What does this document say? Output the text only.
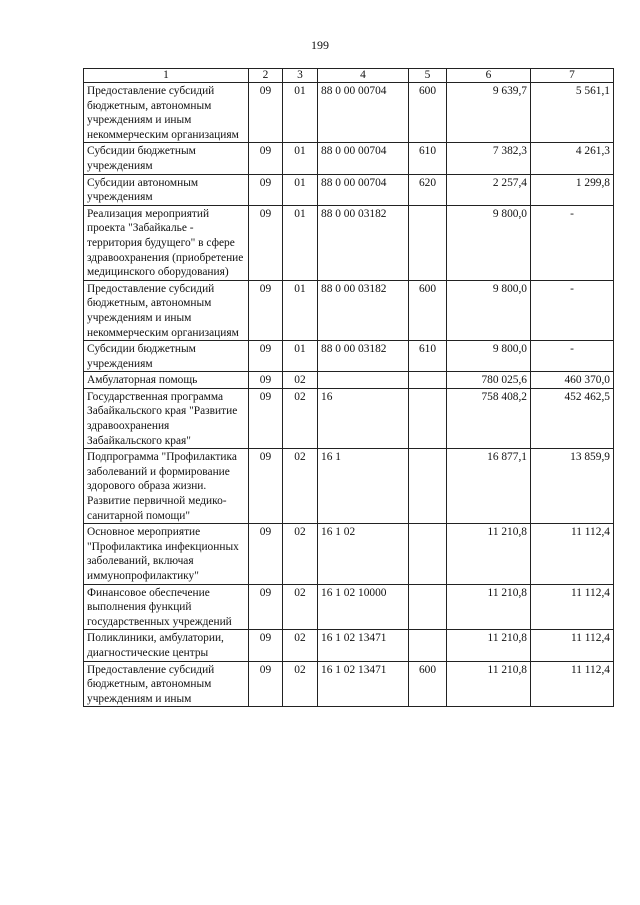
199
1	2	3	4	5	6	7
Предоставление субсидий бюджетным, автономным учреждениям и иным некоммерческим организациям	09	01	88 0 00 00704	600	9 639,7	5 561,1
Субсидии бюджетным учреждениям	09	01	88 0 00 00704	610	7 382,3	4 261,3
Субсидии автономным учреждениям	09	01	88 0 00 00704	620	2 257,4	1 299,8
Реализация мероприятий проекта "Забайкалье - территория будущего" в сфере здравоохранения (приобретение медицинского оборудования)	09	01	88 0 00 03182		9 800,0	-
Предоставление субсидий бюджетным, автономным учреждениям и иным некоммерческим организациям	09	01	88 0 00 03182	600	9 800,0	-
Субсидии бюджетным учреждениям	09	01	88 0 00 03182	610	9 800,0	-
Амбулаторная помощь	09	02			780 025,6	460 370,0
Государственная программа Забайкальского края "Развитие здравоохранения Забайкальского края"	09	02	16		758 408,2	452 462,5
Подпрограмма "Профилактика заболеваний и формирование здорового образа жизни. Развитие первичной медико-санитарной помощи"	09	02	16 1		16 877,1	13 859,9
Основное мероприятие "Профилактика инфекционных заболеваний, включая иммунопрофилактику"	09	02	16 1 02		11 210,8	11 112,4
Финансовое обеспечение выполнения функций государственных учреждений	09	02	16 1 02 10000		11 210,8	11 112,4
Поликлиники, амбулатории, диагностические центры	09	02	16 1 02 13471		11 210,8	11 112,4
Предоставление субсидий бюджетным, автономным учреждениям и иным	09	02	16 1 02 13471	600	11 210,8	11 112,4
